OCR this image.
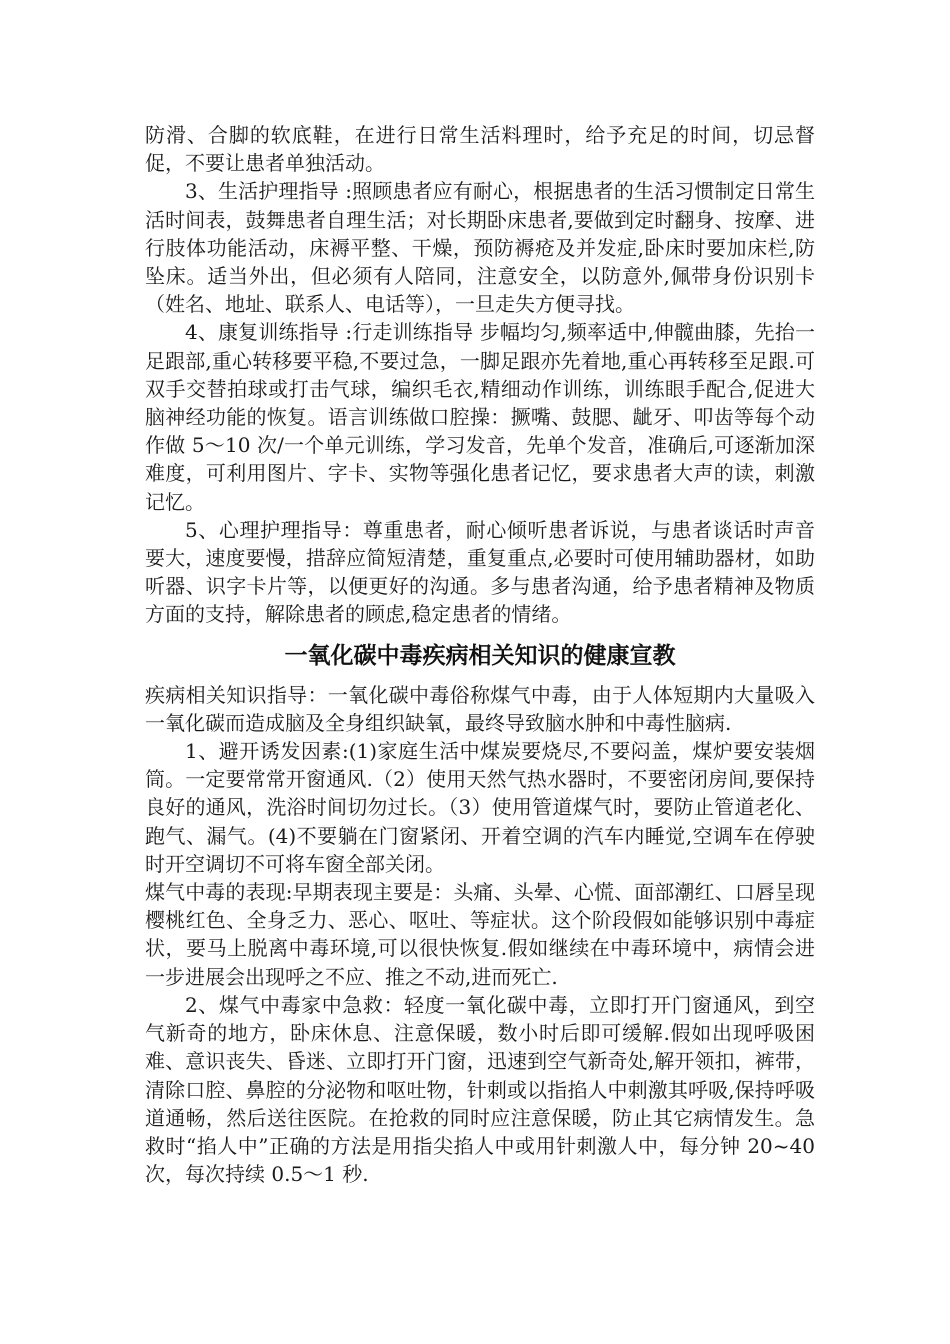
防滑、合脚的软底鞋，在进行日常生活料理时，给予充足的时间，切忌督促，不要让患者单独活动。

3、生活护理指导 :照顾患者应有耐心，根据患者的生活习惯制定日常生活时间表，鼓舞患者自理生活；对长期卧床患者,要做到定时翻身、按摩、进行肢体功能活动，床褥平整、干燥，预防褥疮及并发症,卧床时要加床栏,防坠床。适当外出，但必须有人陪同，注意安全，以防意外,佩带身份识别卡（姓名、地址、联系人、电话等），一旦走失方便寻找。

4、康复训练指导 :行走训练指导 步幅均匀,频率适中,伸髋曲膝，先抬一足跟部,重心转移要平稳,不要过急，一脚足跟亦先着地,重心再转移至足跟.可双手交替拍球或打击气球，编织毛衣,精细动作训练，训练眼手配合,促进大脑神经功能的恢复。语言训练做口腔操：撅嘴、鼓腮、龇牙、叩齿等每个动作做 5～10 次/一个单元训练，学习发音，先单个发音，准确后,可逐渐加深难度，可利用图片、字卡、实物等强化患者记忆，要求患者大声的读，刺激记忆。

5、心理护理指导：尊重患者，耐心倾听患者诉说，与患者谈话时声音要大，速度要慢，措辞应简短清楚，重复重点,必要时可使用辅助器材，如助听器、识字卡片等，以便更好的沟通。多与患者沟通，给予患者精神及物质方面的支持，解除患者的顾虑,稳定患者的情绪。

一氧化碳中毒疾病相关知识的健康宣教

疾病相关知识指导：一氧化碳中毒俗称煤气中毒，由于人体短期内大量吸入一氧化碳而造成脑及全身组织缺氧，最终导致脑水肿和中毒性脑病.

1、避开诱发因素:(1)家庭生活中煤炭要烧尽,不要闷盖，煤炉要安装烟筒。一定要常常开窗通风.（2）使用天然气热水器时，不要密闭房间,要保持良好的通风，洗浴时间切勿过长。（3）使用管道煤气时，要防止管道老化、跑气、漏气。(4)不要躺在门窗紧闭、开着空调的汽车内睡觉,空调车在停驶时开空调切不可将车窗全部关闭。

煤气中毒的表现:早期表现主要是：头痛、头晕、心慌、面部潮红、口唇呈现樱桃红色、全身乏力、恶心、呕吐、等症状。这个阶段假如能够识别中毒症状，要马上脱离中毒环境,可以很快恢复.假如继续在中毒环境中，病情会进一步进展会出现呼之不应、推之不动,进而死亡.

2、煤气中毒家中急救：轻度一氧化碳中毒，立即打开门窗通风，到空气新奇的地方，卧床休息、注意保暖，数小时后即可缓解.假如出现呼吸困难、意识丧失、昏迷、立即打开门窗，迅速到空气新奇处,解开领扣，裤带，清除口腔、鼻腔的分泌物和呕吐物，针刺或以指掐人中刺激其呼吸,保持呼吸道通畅，然后送往医院。在抢救的同时应注意保暖，防止其它病情发生。急救时“掐人中”正确的方法是用指尖掐人中或用针刺激人中，每分钟 20~40 次，每次持续 0.5～1 秒.
